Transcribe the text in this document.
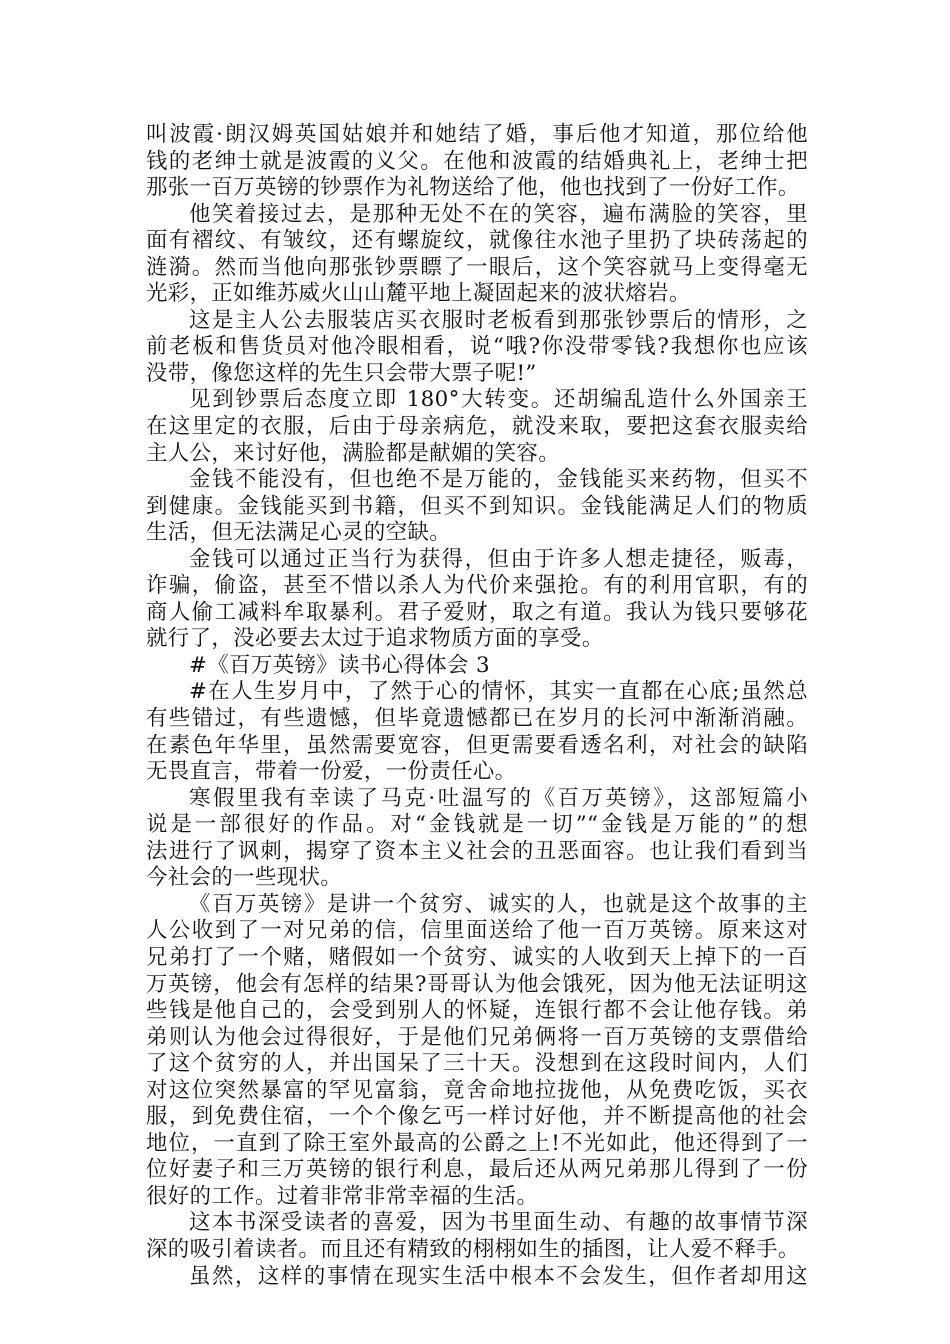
叫波霞·朗汉姆英国姑娘并和她结了婚，事后他才知道，那位给他
钱的老绅士就是波霞的义父。在他和波霞的结婚典礼上，老绅士把
那张一百万英镑的钞票作为礼物送给了他，他也找到了一份好工作。
他笑着接过去，是那种无处不在的笑容，遍布满脸的笑容，里
面有褶纹、有皱纹，还有螺旋纹，就像往水池子里扔了块砖荡起的
涟漪。然而当他向那张钞票瞟了一眼后，这个笑容就马上变得毫无
光彩，正如维苏威火山山麓平地上凝固起来的波状熔岩。
这是主人公去服装店买衣服时老板看到那张钞票后的情形，之
前老板和售货员对他冷眼相看，说“哦?你没带零钱?我想你也应该
没带，像您这样的先生只会带大票子呢!”
见到钞票后态度立即 180°大转变。还胡编乱造什么外国亲王
在这里定的衣服，后由于母亲病危，就没来取，要把这套衣服卖给
主人公，来讨好他，满脸都是献媚的笑容。
金钱不能没有，但也绝不是万能的，金钱能买来药物，但买不
到健康。金钱能买到书籍，但买不到知识。金钱能满足人们的物质
生活，但无法满足心灵的空缺。
金钱可以通过正当行为获得，但由于许多人想走捷径，贩毒，
诈骗，偷盗，甚至不惜以杀人为代价来强抢。有的利用官职，有的
商人偷工减料牟取暴利。君子爱财，取之有道。我认为钱只要够花
就行了，没必要去太过于追求物质方面的享受。
#《百万英镑》读书心得体会 3
#在人生岁月中，了然于心的情怀，其实一直都在心底;虽然总
有些错过，有些遗憾，但毕竟遗憾都已在岁月的长河中渐渐消融。
在素色年华里，虽然需要宽容，但更需要看透名利，对社会的缺陷
无畏直言，带着一份爱，一份责任心。
寒假里我有幸读了马克·吐温写的《百万英镑》，这部短篇小
说是一部很好的作品。对“金钱就是一切”“金钱是万能的”的想
法进行了讽刺，揭穿了资本主义社会的丑恶面容。也让我们看到当
今社会的一些现状。
《百万英镑》是讲一个贫穷、诚实的人，也就是这个故事的主
人公收到了一对兄弟的信，信里面送给了他一百万英镑。原来这对
兄弟打了一个赌，赌假如一个贫穷、诚实的人收到天上掉下的一百
万英镑，他会有怎样的结果?哥哥认为他会饿死，因为他无法证明这
些钱是他自己的，会受到别人的怀疑，连银行都不会让他存钱。弟
弟则认为他会过得很好，于是他们兄弟俩将一百万英镑的支票借给
了这个贫穷的人，并出国呆了三十天。没想到在这段时间内，人们
对这位突然暴富的罕见富翁，竟舍命地拉拢他，从免费吃饭，买衣
服，到免费住宿，一个个像乞丐一样讨好他，并不断提高他的社会
地位，一直到了除王室外最高的公爵之上!不光如此，他还得到了一
位好妻子和三万英镑的银行利息，最后还从两兄弟那儿得到了一份
很好的工作。过着非常非常幸福的生活。
这本书深受读者的喜爱，因为书里面生动、有趣的故事情节深
深的吸引着读者。而且还有精致的栩栩如生的插图，让人爱不释手。
虽然，这样的事情在现实生活中根本不会发生，但作者却用这
